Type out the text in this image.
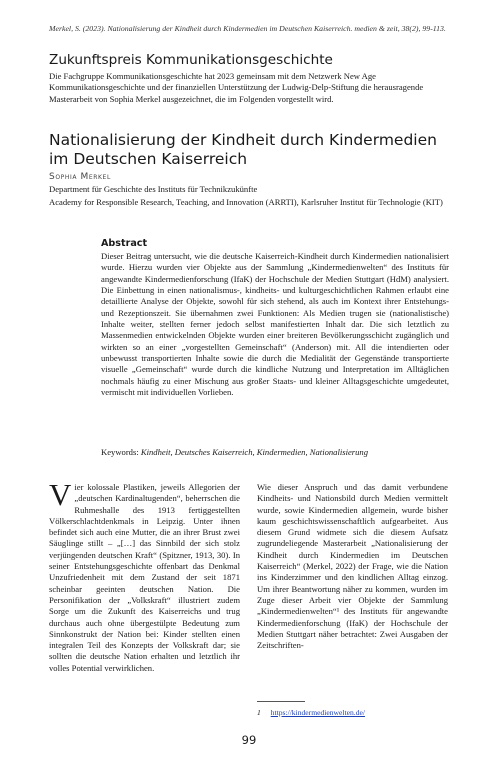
Merkel, S. (2023). Nationalisierung der Kindheit durch Kindermedien im Deutschen Kaiserreich. medien & zeit, 38(2), 99-113.
Zukunftspreis Kommunikationsgeschichte
Die Fachgruppe Kommunikationsgeschichte hat 2023 gemeinsam mit dem Netzwerk New Age Kommunikationsgeschichte und der finanziellen Unterstützung der Ludwig-Delp-Stiftung die herausragende Masterarbeit von Sophia Merkel ausgezeichnet, die im Folgenden vorgestellt wird.
Nationalisierung der Kindheit durch Kindermedien im Deutschen Kaiserreich
Sophia Merkel
Department für Geschichte des Instituts für Technikzukünfte
Academy for Responsible Research, Teaching, and Innovation (ARRTI), Karlsruher Institut für Technologie (KIT)
Abstract
Dieser Beitrag untersucht, wie die deutsche Kaiserreich-Kindheit durch Kindermedien nationalisiert wurde. Hierzu wurden vier Objekte aus der Sammlung „Kindermedienwelten“ des Instituts für angewandte Kindermedienforschung (IfaK) der Hochschule der Medien Stuttgart (HdM) analysiert. Die Einbettung in einen nationalismus-, kindheits- und kulturgeschichtlichen Rahmen erlaubt eine detaillierte Analyse der Objekte, sowohl für sich stehend, als auch im Kontext ihrer Entstehungs- und Rezeptionszeit. Sie übernahmen zwei Funktionen: Als Medien trugen sie (nationalistische) Inhalte weiter, stellten ferner jedoch selbst manifestierten Inhalt dar. Die sich letztlich zu Massenmedien entwickelnden Objekte wurden einer breiteren Bevölkerungsschicht zugänglich und wirkten so an einer „vorgestellten Gemeinschaft“ (Anderson) mit. All die intendierten oder unbewusst transportierten Inhalte sowie die durch die Medialität der Gegenstände transportierte visuelle „Gemeinschaft“ wurde durch die kindliche Nutzung und Interpretation im Alltäglichen nochmals häufig zu einer Mischung aus großer Staats- und kleiner Alltagsgeschichte umgedeutet, vermischt mit individuellen Vorlieben.
Keywords: Kindheit, Deutsches Kaiserreich, Kindermedien, Nationalisierung
Vier kolossale Plastiken, jeweils Allegorien der „deutschen Kardinaltugenden“, beherrschen die Ruhmeshalle des 1913 fertiggestellten Völkerschlachtdenkmals in Leipzig. Unter ihnen befindet sich auch eine Mutter, die an ihrer Brust zwei Säuglinge stillt – „[…] das Sinnbild der sich stolz verjüngenden deutschen Kraft“ (Spitzner, 1913, 30). In seiner Entstehungsgeschichte offenbart das Denkmal Unzufriedenheit mit dem Zustand der seit 1871 scheinbar geeinten deutschen Nation. Die Personifikation der „Volkskraft“ illustriert zudem Sorge um die Zukunft des Kaiserreichs und trug durchaus auch ohne übergestülpte Bedeutung zum Sinnkonstrukt der Nation bei: Kinder stellten einen integralen Teil des Konzepts der Volkskraft dar; sie sollten die deutsche Nation erhalten und letztlich ihr volles Potential verwirklichen.
Wie dieser Anspruch und das damit verbundene Kindheits- und Nationsbild durch Medien vermittelt wurde, sowie Kindermedien allgemein, wurde bisher kaum geschichtswissenschaftlich aufgearbeitet. Aus diesem Grund widmete sich die diesem Aufsatz zugrundeliegende Masterarbeit „Nationalisierung der Kindheit durch Kindermedien im Deutschen Kaiserreich“ (Merkel, 2022) der Frage, wie die Nation ins Kinderzimmer und den kindlichen Alltag einzog. Um ihrer Beantwortung näher zu kommen, wurden im Zuge dieser Arbeit vier Objekte der Sammlung „Kindermedienwelten“¹ des Instituts für angewandte Kindermedienforschung (IfaK) der Hochschule der Medien Stuttgart näher betrachtet: Zwei Ausgaben der Zeitschriften-
1 https://kindermedienwelten.de/
99
